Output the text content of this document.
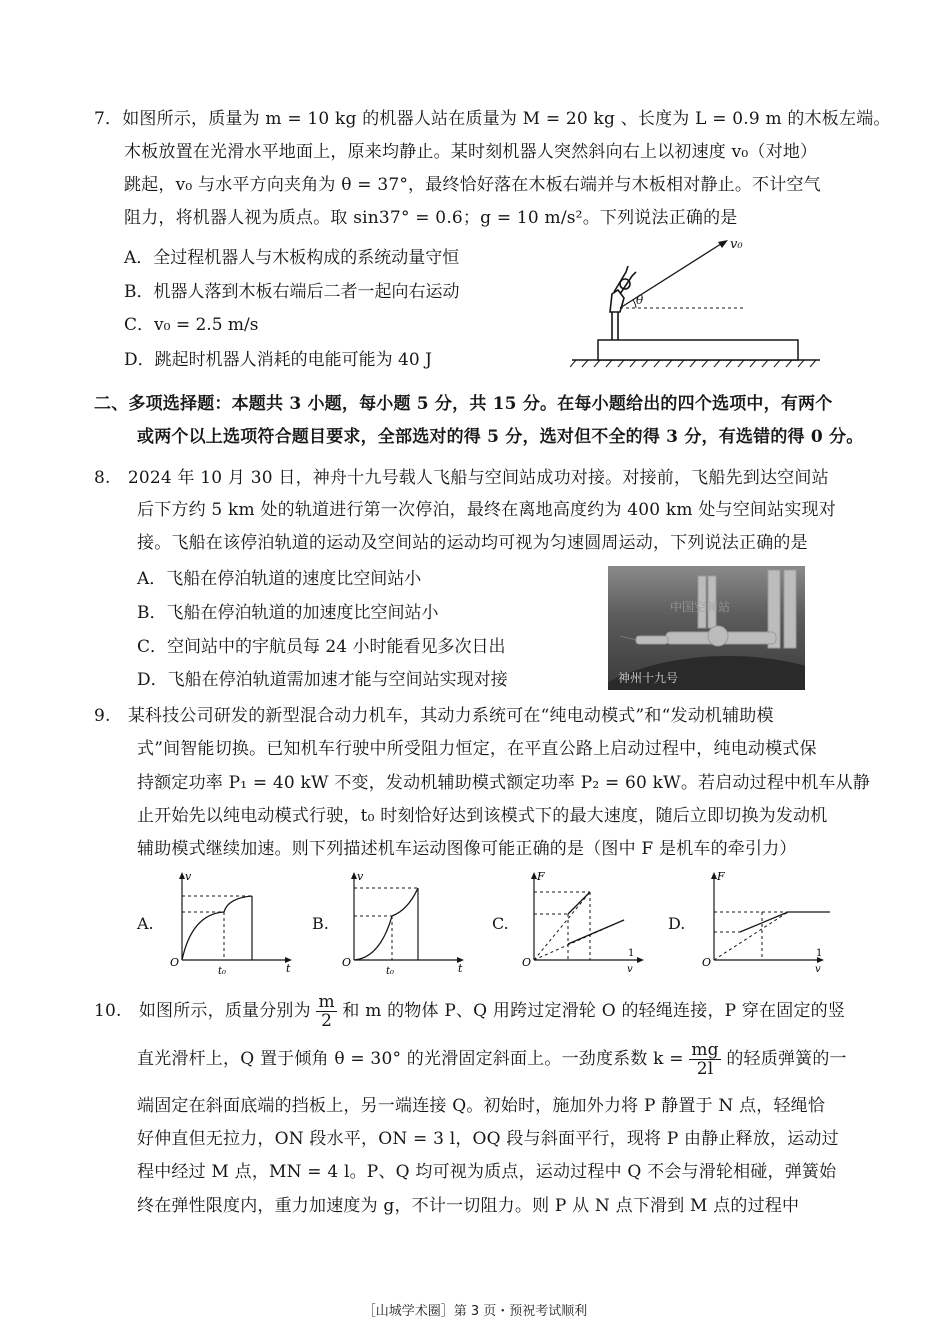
7．如图所示，质量为 m = 10 kg 的机器人站在质量为 M = 20 kg 、长度为 L = 0.9 m 的木板左端。
木板放置在光滑水平地面上，原来均静止。某时刻机器人突然斜向右上以初速度 v₀（对地）
跳起，v₀ 与水平方向夹角为 θ = 37°，最终恰好落在木板右端并与木板相对静止。不计空气
阻力，将机器人视为质点。取 sin37° = 0.6；g = 10 m/s²。下列说法正确的是
A．全过程机器人与木板构成的系统动量守恒
B．机器人落到木板右端后二者一起向右运动
C．v₀ = 2.5 m/s
D．跳起时机器人消耗的电能可能为 40 J
v₀
θ
二、多项选择题：本题共 3 小题，每小题 5 分，共 15 分。在每小题给出的四个选项中，有两个
或两个以上选项符合题目要求，全部选对的得 5 分，选对但不全的得 3 分，有选错的得 0 分。
8.　2024 年 10 月 30 日，神舟十九号载人飞船与空间站成功对接。对接前，飞船先到达空间站
后下方约 5 km 处的轨道进行第一次停泊，最终在离地高度约为 400 km 处与空间站实现对
接。飞船在该停泊轨道的运动及空间站的运动均可视为匀速圆周运动，下列说法正确的是
A．飞船在停泊轨道的速度比空间站小
B．飞船在停泊轨道的加速度比空间站小
C．空间站中的宇航员每 24 小时能看见多次日出
D．飞船在停泊轨道需加速才能与空间站实现对接
中国空间站
神州十九号
9.　某科技公司研发的新型混合动力机车，其动力系统可在“纯电动模式”和“发动机辅助模
式”间智能切换。已知机车行驶中所受阻力恒定，在平直公路上启动过程中，纯电动模式保
持额定功率 P₁ = 40 kW 不变，发动机辅助模式额定功率 P₂ = 60 kW。若启动过程中机车从静
止开始先以纯电动模式行驶，t₀ 时刻恰好达到该模式下的最大速度，随后立即切换为发动机
辅助模式继续加速。则下列描述机车运动图像可能正确的是（图中 F 是机车的牵引力）
A.
v
t
O
t₀
B.
v
t
O
t₀
C.
F
1
v
O
D.
F
1
v
O
10.　如图所示，质量分别为 $\frac{m}{2}$ 和 m 的物体 P、Q 用跨过定滑轮 O 的轻绳连接，P 穿在固定的竖
直光滑杆上，Q 置于倾角 θ = 30° 的光滑固定斜面上。一劲度系数 $k = \frac{mg}{2l}$ 的轻质弹簧的一
端固定在斜面底端的挡板上，另一端连接 Q。初始时，施加外力将 P 静置于 N 点，轻绳恰
好伸直但无拉力，ON 段水平，ON = 3 l，OQ 段与斜面平行，现将 P 由静止释放，运动过
程中经过 M 点，MN = 4 l。P、Q 均可视为质点，运动过程中 Q 不会与滑轮相碰，弹簧始
终在弹性限度内，重力加速度为 g，不计一切阻力。则 P 从 N 点下滑到 M 点的过程中
［山城学术圈］第 3 页・预祝考试顺利
